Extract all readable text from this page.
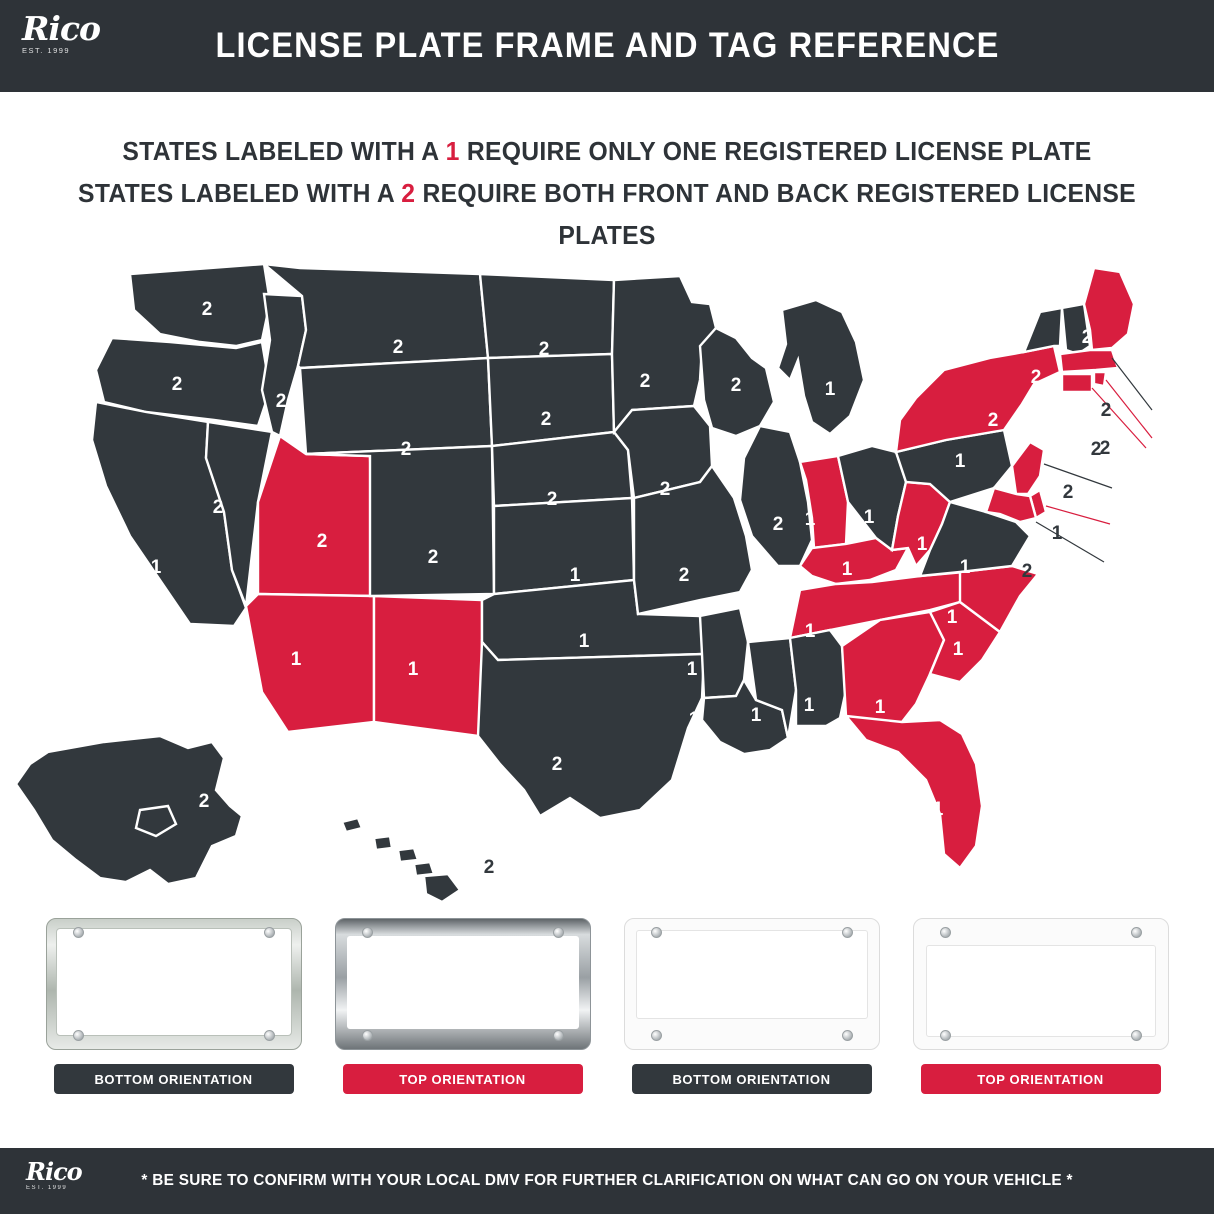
Rico
EST. 1999	LICENSE PLATE FRAME AND TAG REFERENCE
STATES LABELED WITH A 1 REQUIRE ONLY ONE REGISTERED LICENSE PLATE
STATES LABELED WITH A 2 REQUIRE BOTH FRONT AND BACK REGISTERED LICENSE PLATES
2
2
2
1
2
2
2
2
1	1
2
2
2
2
1
1
2
2
2
2
1
1
2
2
1
1
1
1
1
1
1
1
1
1
1
1
1
1
2
2
2
2
2
2
2
2
1
2
2
2
BOTTOM ORIENTATION	TOP ORIENTATION	BOTTOM ORIENTATION	TOP ORIENTATION
Rico
EST. 1999	* BE SURE TO CONFIRM WITH YOUR LOCAL DMV FOR FURTHER CLARIFICATION ON WHAT CAN GO ON YOUR VEHICLE *
